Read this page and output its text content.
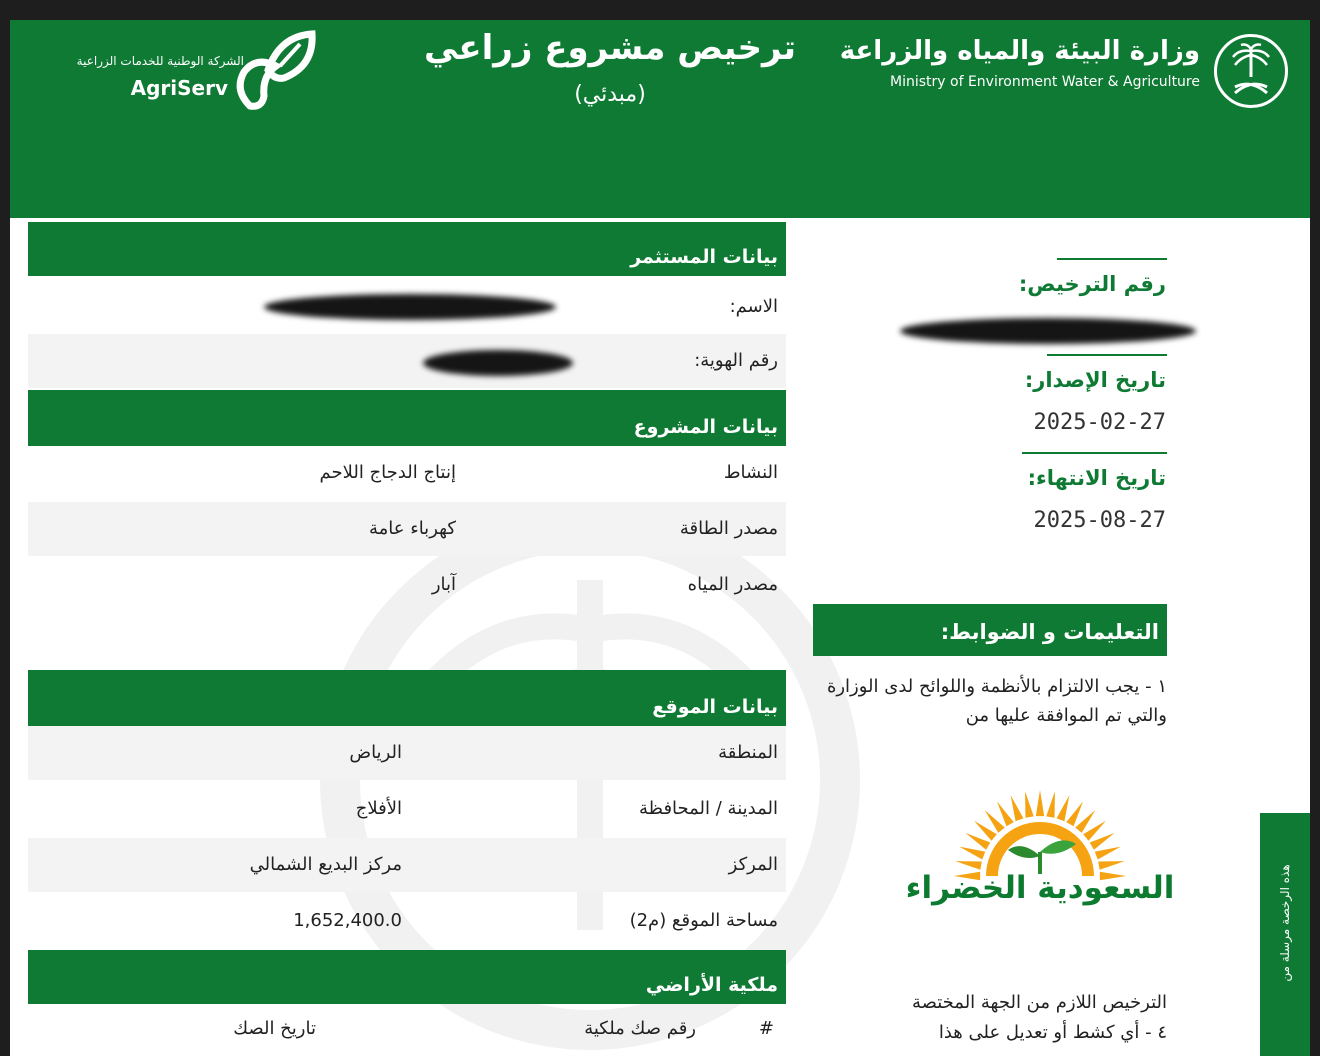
وزارة البيئة والمياه والزراعة
Ministry of Environment Water & Agriculture
ترخيص مشروع زراعي
(مبدئي)
الشركة الوطنية للخدمات الزراعية
AgriServ
بيانات المستثمر
الاسم:
رقم الهوية:
بيانات المشروع
النشاط
إنتاج الدجاج اللاحم
مصدر الطاقة
كهرباء عامة
مصدر المياه
آبار
بيانات الموقع
المنطقة
الرياض
المدينة / المحافظة
الأفلاج
المركز
مركز البديع الشمالي
مساحة الموقع (م2)
1,652,400.0
ملكية الأراضي
#
رقم صك ملكية
تاريخ الصك
رقم الترخيص:
تاريخ الإصدار:
2025-02-27
تاريخ الانتهاء:
2025-08-27
التعليمات و الضوابط:
١ - يجب الالتزام بالأنظمة واللوائح لدى الوزارة والتي تم الموافقة عليها من
الترخيص اللازم من الجهة المختصة
٤ - أي كشط أو تعديل على هذا
السعودية الخضراء	هذه الرخصة مرسلة من
